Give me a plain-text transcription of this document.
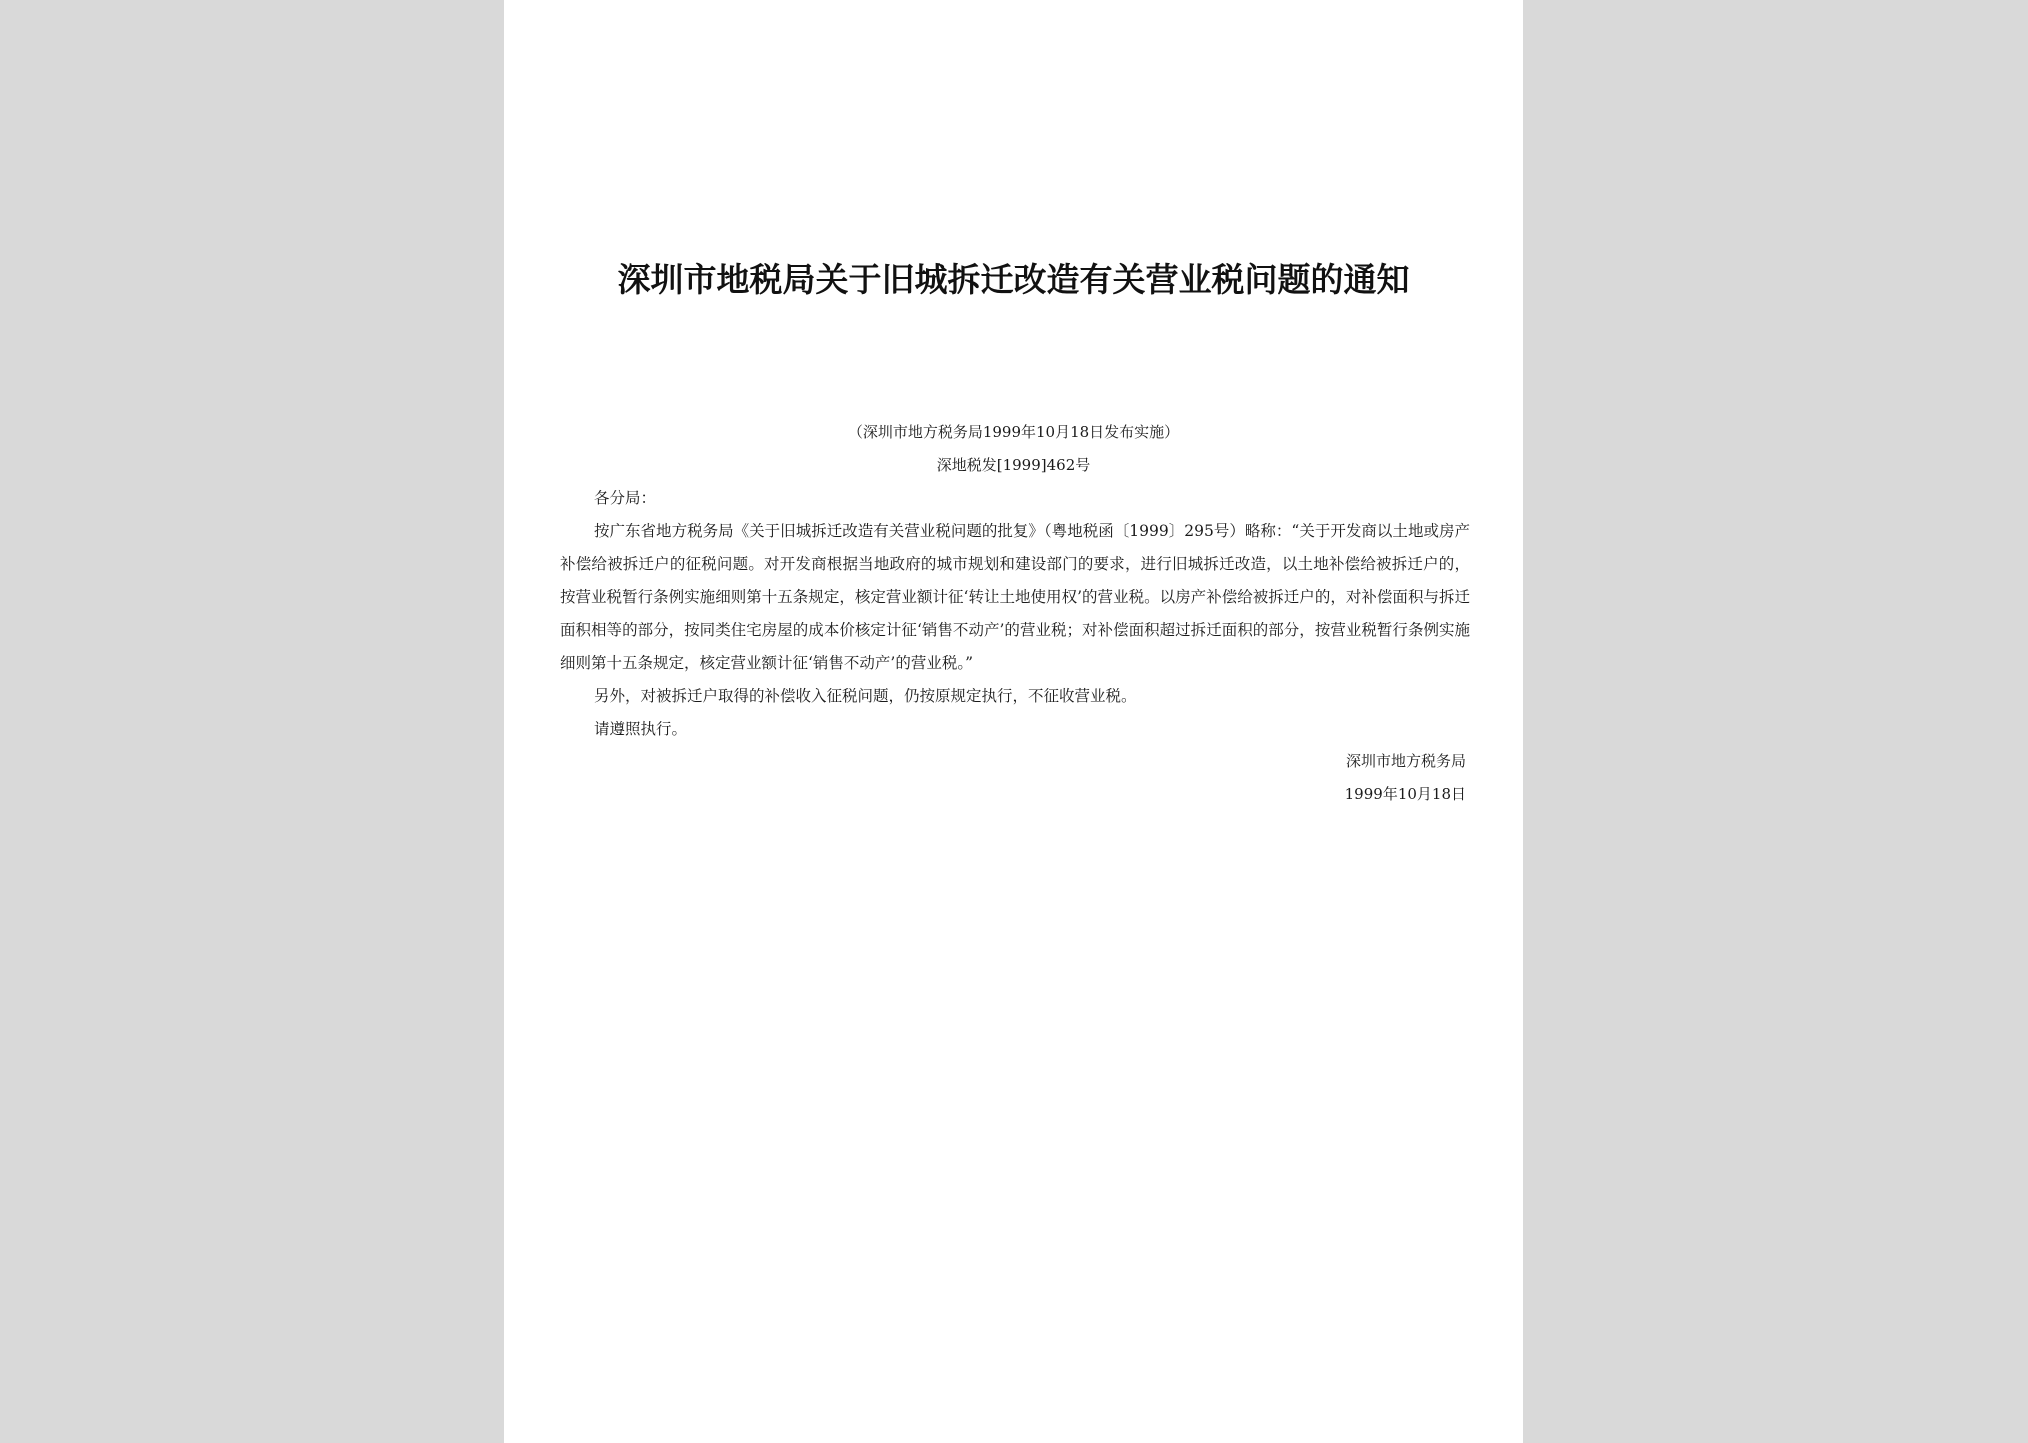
深圳市地税局关于旧城拆迁改造有关营业税问题的通知

（深圳市地方税务局1999年10月18日发布实施）

深地税发[1999]462号

各分局：

按广东省地方税务局《关于旧城拆迁改造有关营业税问题的批复》（粤地税函〔1999〕295号）略称：“关于开发商以土地或房产补偿给被拆迁户的征税问题。对开发商根据当地政府的城市规划和建设部门的要求，进行旧城拆迁改造，以土地补偿给被拆迁户的，按营业税暂行条例实施细则第十五条规定，核定营业额计征‘转让土地使用权’的营业税。以房产补偿给被拆迁户的，对补偿面积与拆迁面积相等的部分，按同类住宅房屋的成本价核定计征‘销售不动产’的营业税；对补偿面积超过拆迁面积的部分，按营业税暂行条例实施细则第十五条规定，核定营业额计征‘销售不动产’的营业税。”

另外，对被拆迁户取得的补偿收入征税问题，仍按原规定执行，不征收营业税。

请遵照执行。

深圳市地方税务局

1999年10月18日
